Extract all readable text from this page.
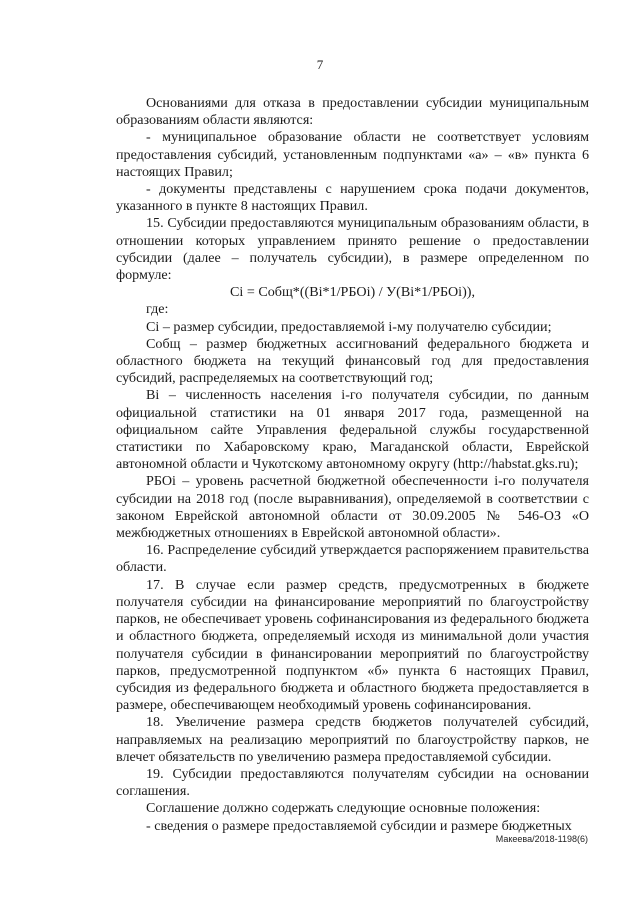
7

Основаниями для отказа в предоставлении субсидии муниципальным образованиям области являются:

- муниципальное образование области не соответствует условиям предоставления субсидий, установленным подпунктами «а» – «в» пункта 6 настоящих Правил;

- документы представлены с нарушением срока подачи документов, указанного в пункте 8 настоящих Правил.

15. Субсидии предоставляются муниципальным образованиям области, в отношении которых управлением принято решение о предоставлении субсидии (далее – получатель субсидии), в размере определенном по формуле:

Ci = Cобщ*((Bi*1/РБОi) / У(Bi*1/РБОi)),

где:

Ci – размер субсидии, предоставляемой i-му получателю субсидии;

Cобщ – размер бюджетных ассигнований федерального бюджета и областного бюджета на текущий финансовый год для предоставления субсидий, распределяемых на соответствующий год;

Bi – численность населения i-го получателя субсидии, по данным официальной статистики на 01 января 2017 года, размещенной на официальном сайте Управления федеральной службы государственной статистики по Хабаровскому краю, Магаданской области, Еврейской автономной области и Чукотскому автономному округу (http://habstat.gks.ru);

РБОi – уровень расчетной бюджетной обеспеченности i-го получателя субсидии на 2018 год (после выравнивания), определяемой в соответствии с законом Еврейской автономной области от 30.09.2005 № 546-ОЗ «О межбюджетных отношениях в Еврейской автономной области».

16. Распределение субсидий утверждается распоряжением правительства области.

17. В случае если размер средств, предусмотренных в бюджете получателя субсидии на финансирование мероприятий по благоустройству парков, не обеспечивает уровень софинансирования из федерального бюджета и областного бюджета, определяемый исходя из минимальной доли участия получателя субсидии в финансировании мероприятий по благоустройству парков, предусмотренной подпунктом «б» пункта 6 настоящих Правил, субсидия из федерального бюджета и областного бюджета предоставляется в размере, обеспечивающем необходимый уровень софинансирования.

18. Увеличение размера средств бюджетов получателей субсидий, направляемых на реализацию мероприятий по благоустройству парков, не влечет обязательств по увеличению размера предоставляемой субсидии.

19. Субсидии предоставляются получателям субсидии на основании соглашения.

Соглашение должно содержать следующие основные положения:

- сведения о размере предоставляемой субсидии и размере бюджетных

Макеева/2018-1198(6)
